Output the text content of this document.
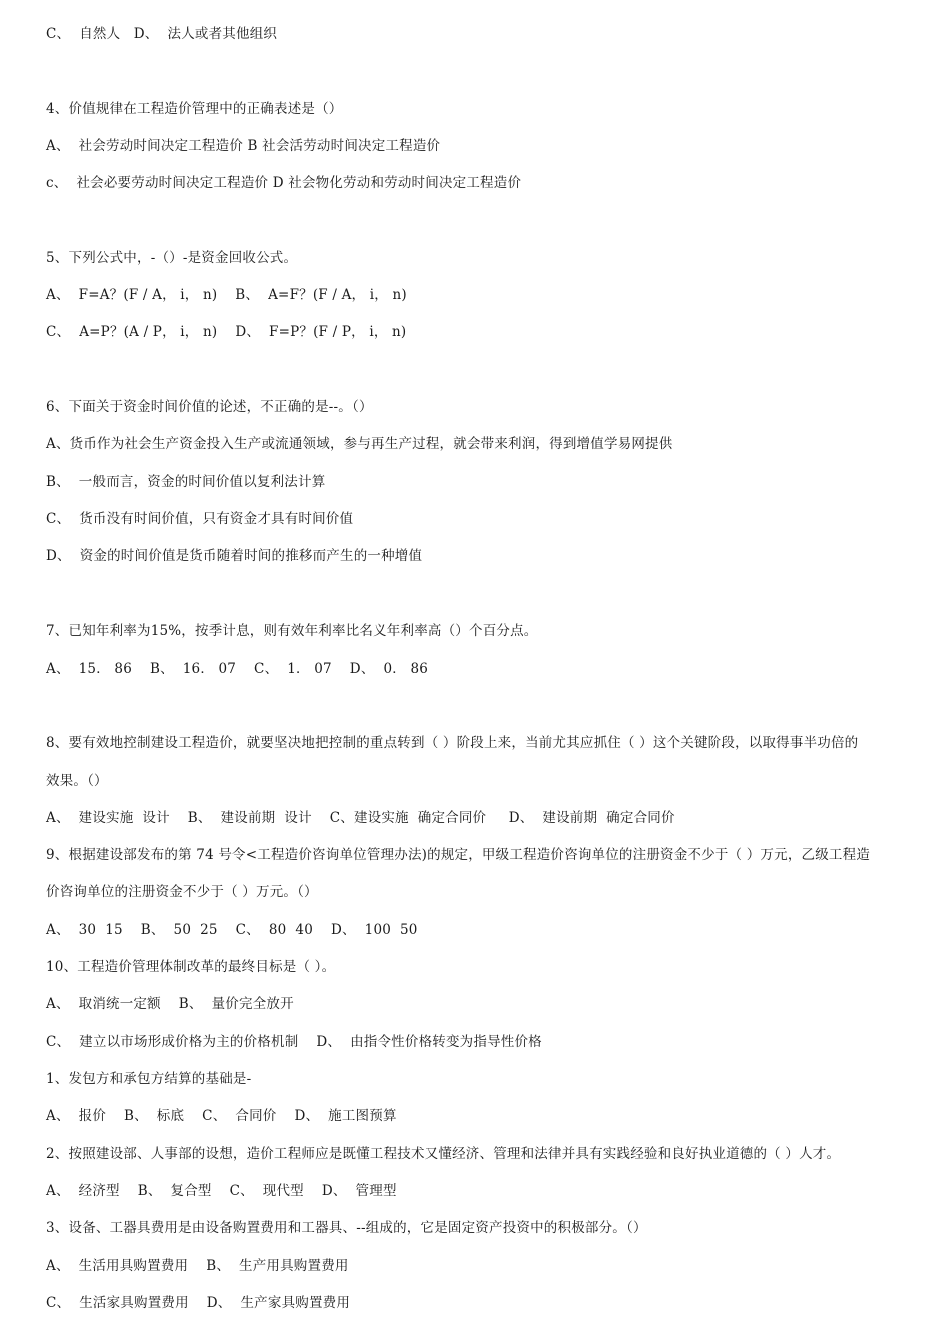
C、  自然人   D、  法人或者其他组织
4、价值规律在工程造价管理中的正确表述是（）
A、  社会劳动时间决定工程造价 B 社会活劳动时间决定工程造价
c、  社会必要劳动时间决定工程造价 D 社会物化劳动和劳动时间决定工程造价
5、下列公式中，-（）-是资金回收公式。
A、  F=A？(F / A， i， n)    B、  A=F？(F / A， i， n)
C、  A=P？(A / P， i， n)    D、  F=P？(F / P， i， n)
6、下面关于资金时间价值的论述，不正确的是--。（）
A、货币作为社会生产资金投入生产或流通领域，参与再生产过程，就会带来利润，得到增值学易网提供
B、  一般而言，资金的时间价值以复利法计算
C、  货币没有时间价值，只有资金才具有时间价值
D、  资金的时间价值是货币随着时间的推移而产生的一种增值
7、已知年利率为15%，按季计息，则有效年利率比名义年利率高（）个百分点。
A、  15． 86    B、  16． 07    C、  1． 07    D、  0． 86
8、要有效地控制建设工程造价，就要坚决地把控制的重点转到（ ）阶段上来，当前尤其应抓住（ ）这个关键阶段，以取得事半功倍的
效果。（）
A、  建设实施  设计    B、  建设前期  设计    C、建设实施  确定合同价     D、  建设前期  确定合同价
9、根据建设部发布的第 74 号令<工程造价咨询单位管理办法)的规定，甲级工程造价咨询单位的注册资金不少于（ ）万元，乙级工程造
价咨询单位的注册资金不少于（ ）万元。（）
A、  30  15    B、  50  25    C、  80  40    D、  100  50
10、工程造价管理体制改革的最终目标是（ ）。
A、  取消统一定额    B、  量价完全放开
C、  建立以市场形成价格为主的价格机制    D、  由指令性价格转变为指导性价格
1、发包方和承包方结算的基础是-
A、  报价    B、  标底    C、  合同价    D、  施工图预算
2、按照建设部、人事部的设想，造价工程师应是既懂工程技术又懂经济、管理和法律并具有实践经验和良好执业道德的（ ）人才。
A、  经济型    B、  复合型    C、  现代型    D、  管理型
3、设备、工器具费用是由设备购置费用和工器具、--组成的，它是固定资产投资中的积极部分。（）
A、  生活用具购置费用    B、  生产用具购置费用
C、  生活家具购置费用    D、  生产家具购置费用
